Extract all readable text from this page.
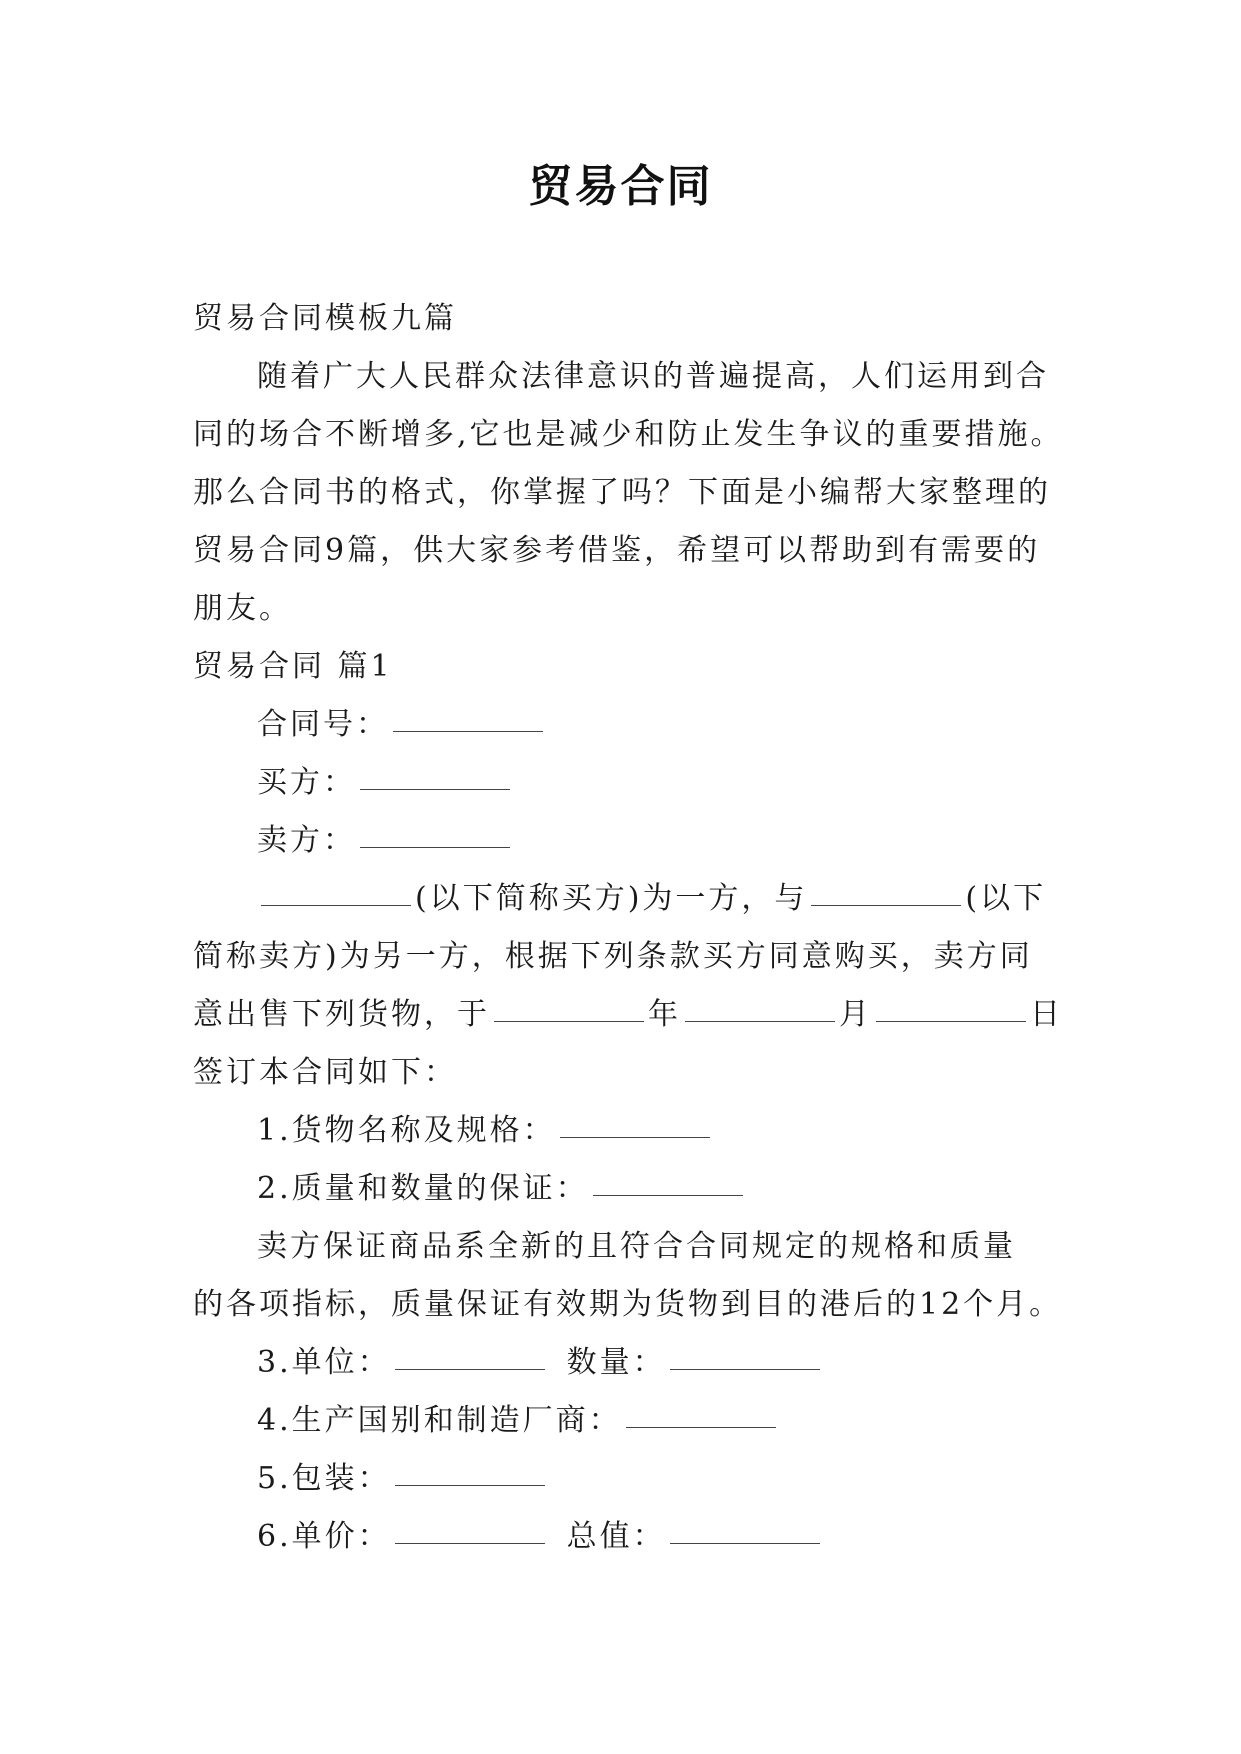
贸易合同
贸易合同模板九篇
随着广大人民群众法律意识的普遍提高，人们运用到合
同的场合不断增多,它也是减少和防止发生争议的重要措施。
那么合同书的格式，你掌握了吗？下面是小编帮大家整理的
贸易合同9篇，供大家参考借鉴，希望可以帮助到有需要的
朋友。
贸易合同 篇1
合同号：
买方：
卖方：
(以下简称买方)为一方，与	(以下
简称卖方)为另一方，根据下列条款买方同意购买，卖方同
意出售下列货物，于	年	月	日
签订本合同如下：
1.货物名称及规格：
2.质量和数量的保证：
卖方保证商品系全新的且符合合同规定的规格和质量
的各项指标，质量保证有效期为货物到目的港后的12个月。
3.单位：	数量：
4.生产国别和制造厂商：
5.包装：
6.单价：	总值：
